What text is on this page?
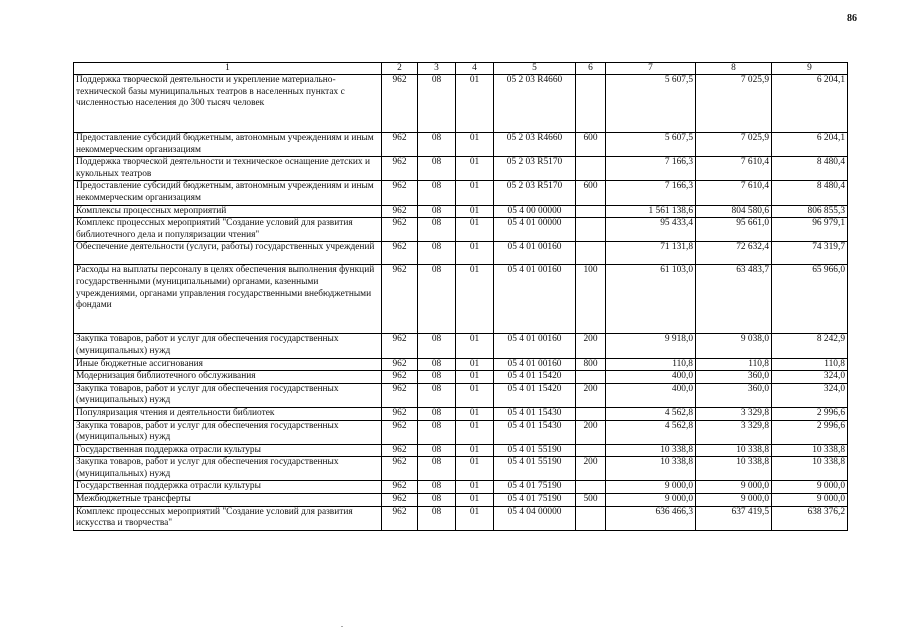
86
1	2	3	4	5	6	7	8	9
Поддержка творческой деятельности и укрепление материально-технической базы муниципальных театров в населенных пунктах с численностью населения до 300 тысяч человек	962	08	01	05 2 03 R4660		5 607,5	7 025,9	6 204,1
Предоставление субсидий бюджетным, автономным учреждениям и иным некоммерческим организациям	962	08	01	05 2 03 R4660	600	5 607,5	7 025,9	6 204,1
Поддержка творческой деятельности и техническое оснащение детских и кукольных театров	962	08	01	05 2 03 R5170		7 166,3	7 610,4	8 480,4
Предоставление субсидий бюджетным, автономным учреждениям и иным некоммерческим организациям	962	08	01	05 2 03 R5170	600	7 166,3	7 610,4	8 480,4
Комплексы процессных мероприятий	962	08	01	05 4 00 00000		1 561 138,6	804 580,6	806 855,3
Комплекс процессных мероприятий "Создание условий для развития библиотечного дела и популяризации чтения"	962	08	01	05 4 01 00000		95 433,4	95 661,0	96 979,1
Обеспечение деятельности (услуги, работы) государственных учреждений	962	08	01	05 4 01 00160		71 131,8	72 632,4	74 319,7
Расходы на выплаты персоналу в целях обеспечения выполнения функций государственными (муниципальными) органами, казенными учреждениями, органами управления государственными внебюджетными фондами	962	08	01	05 4 01 00160	100	61 103,0	63 483,7	65 966,0
Закупка товаров, работ и услуг для обеспечения государственных (муниципальных) нужд	962	08	01	05 4 01 00160	200	9 918,0	9 038,0	8 242,9
Иные бюджетные ассигнования	962	08	01	05 4 01 00160	800	110,8	110,8	110,8
Модернизация библиотечного обслуживания	962	08	01	05 4 01 15420		400,0	360,0	324,0
Закупка товаров, работ и услуг для обеспечения государственных (муниципальных) нужд	962	08	01	05 4 01 15420	200	400,0	360,0	324,0
Популяризация чтения и деятельности библиотек	962	08	01	05 4 01 15430		4 562,8	3 329,8	2 996,6
Закупка товаров, работ и услуг для обеспечения государственных (муниципальных) нужд	962	08	01	05 4 01 15430	200	4 562,8	3 329,8	2 996,6
Государственная поддержка отрасли культуры	962	08	01	05 4 01 55190		10 338,8	10 338,8	10 338,8
Закупка товаров, работ и услуг для обеспечения государственных (муниципальных) нужд	962	08	01	05 4 01 55190	200	10 338,8	10 338,8	10 338,8
Государственная поддержка отрасли культуры	962	08	01	05 4 01 75190		9 000,0	9 000,0	9 000,0
Межбюджетные трансферты	962	08	01	05 4 01 75190	500	9 000,0	9 000,0	9 000,0
Комплекс процессных мероприятий "Создание условий для развития искусства и творчества"	962	08	01	05 4 04 00000		636 466,3	637 419,5	638 376,2
.
